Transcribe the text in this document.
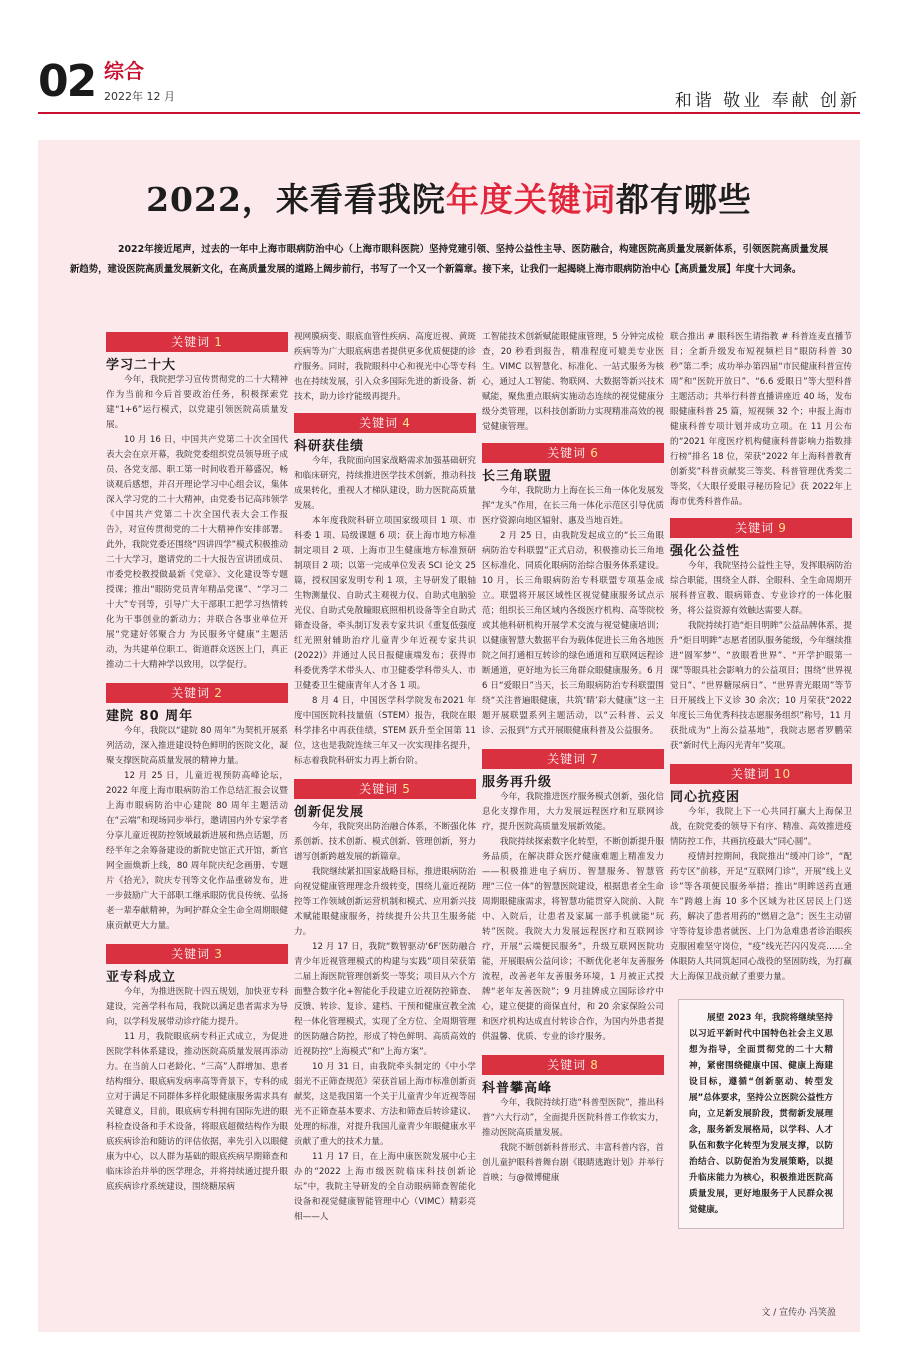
02 综合
2022年 12 月	和谐 敬业 奉献 创新
2022，来看看我院年度关键词都有哪些
2022年接近尾声，过去的一年中上海市眼病防治中心（上海市眼科医院）坚持党建引领、坚持公益性主导、医防融合，构建医院高质量发展新体系，引领医院高质量发展新趋势，建设医院高质量发展新文化，在高质量发展的道路上阔步前行，书写了一个又一个新篇章。接下来，让我们一起揭晓上海市眼病防治中心【高质量发展】年度十大词条。
关键词 1

学习二十大

今年，我院把学习宣传贯彻党的二十大精神作为当前和今后首要政治任务，积极探索党建“1+6”运行模式，以党建引领医院高质量发展。

10 月 16 日，中国共产党第二十次全国代表大会在京开幕，我院党委组织党员领导班子成员、各党支部、职工第一时间收看开幕盛况，畅谈观后感想，并召开理论学习中心组会议，集体深入学习党的二十大精神，由党委书记高玮领学《中国共产党第二十次全国代表大会工作报告》，对宣传贯彻党的二十大精神作安排部署。此外，我院党委还围绕“四讲四学”模式积极推动二十大学习，邀请党的二十大报告宣讲团成员、市委党校教授做最新《党章》、文化建设等专题授课；推出“眼防党员青年精品党课”、“学习二十大”专刊等，引导广大干部职工把学习热情转化为干事创业的新动力；并联合各事业单位开展“党建好邻聚合力 为民服务守健康”主题活动，为共建单位职工、街道群众送医上门，真正推动二十大精神学以致用，以学促行。

关键词 2

建院 80 周年

今年，我院以“建院 80 周年”为契机开展系列活动，深入推进建设特色鲜明的医院文化，凝聚支撑医院高质量发展的精神力量。

12 月 25 日，儿童近视预防高峰论坛，2022 年度上海市眼病防治工作总结汇报会议暨上海市眼病防治中心建院 80 周年主题活动在“云端”和现场同步举行，邀请国内外专家学者分享儿童近视防控领域最新进展和热点话题，历经半年之余筹备建设的新院史馆正式开馆，新官网全面焕新上线，80 周年院庆纪念画册、专题片《拾光》，院庆专刊等文化作品重磅发布，进一步鼓励广大干部职工继承眼防优良传统、弘扬老一辈奉献精神，为呵护群众全生命全周期眼健康贡献更大力量。

关键词 3

亚专科成立

今年，为推进医院十四五规划，加快亚专科建设，完善学科布局，我院以满足患者需求为导向，以学科发展带动诊疗能力提升。

11 月，我院眼底病专科正式成立，为促进医院学科体系建设，推动医院高质量发展再添动力。在当前人口老龄化、“三高”人群增加、患者结构细分、眼底病发病率高等背景下，专科的成立对于满足不同群体多样化眼健康服务需求具有关键意义，目前，眼底病专科拥有国际先进的眼科检查设备和手术设备，将眼底超微结构作为眼底疾病诊治和随访的评估依据，率先引入以眼健康为中心，以人群为基础的眼底疾病早期筛查和临床诊治并举的医学理念，并将持续通过提升眼底疾病诊疗系统建设，围绕糖尿病

视网膜病变、眼底血管性疾病、高度近视、黄斑疾病等为广大眼底病患者提供更多优质便捷的诊疗服务。同时，我院眼科中心和视光中心等专科也在持续发展，引入众多国际先进的新设备、新技术，助力诊疗能级再提升。

关键词 4

科研获佳绩

今年，我院面向国家战略需求加强基础研究和临床研究，持续推进医学技术创新，推动科技成果转化，重视人才梯队建设，助力医院高质量发展。

本年度我院科研立项国家级项目 1 项、市科委 1 项、局级课题 6 项；获上海市地方标准制定项目 2 项、上海市卫生健康地方标准预研制项目 2 项；以第一完成单位发表 SCI 论文 25 篇，授权国家发明专利 1 项，主导研发了眼轴生物测量仪、自助式主观视力仪、自助式电脑验光仪、自助式免散瞳眼底照相机设备等全自助式筛查设备，牵头制订发表专家共识《重复低强度红光照射辅助治疗儿童青少年近视专家共识(2022)》并通过人民日报健康端发布；获得市科委优秀学术带头人、市卫健委学科带头人、市卫健委卫生健康青年人才各 1 项。

8 月 4 日，中国医学科学院发布2021 年度中国医院科技量值（STEM）报告，我院在眼科学排名中再获佳绩，STEM 跃升至全国第 11 位，这也是我院连续三年又一次实现排名提升，标志着我院科研实力再上新台阶。

关键词 5

创新促发展

今年，我院突出防治融合体系，不断强化体系创新、技术创新、模式创新、管理创新，努力谱写创新跨越发展的新篇章。

我院继续紧扣国家战略目标，推进眼病防治向视觉健康管理理念升级转变，围绕儿童近视防控等工作领域创新运营机制和模式、应用新兴技术赋能眼健康服务，持续提升公共卫生服务能力。

12 月 17 日，我院“数智驱动‘6F’医防融合青少年近视管理模式的构建与实践”项目荣获第二届上海医院管理创新奖一等奖；项目从六个方面整合数字化+智能化手段建立近视防控筛查、反馈、转诊、复诊、建档、干预和健康宣教全流程一体化管理模式，实现了全方位、全周期管理的医防融合防控，形成了特色鲜明、高质高效的近视防控“上海模式”和“上海方案”。

10 月 31 日，由我院牵头制定的《中小学弱光不正筛查规范》荣获首届上海市标准创新贡献奖，这是我国第一个关于儿童青少年近视等屈光不正筛查基本要求、方法和筛查后转诊建议、处理的标准，对提升我国儿童青少年眼健康水平贡献了重大的技术力量。

11 月 17 日，在上海申康医院发展中心主办的“2022 上海市级医院临床科技创新论坛”中，我院主导研发的全自动眼病筛查智能化设备和视觉健康智能管理中心（VIMC）精彩亮相——人

工智能技术创新赋能眼健康管理，5 分钟完成检查，20 秒看到报告，精准程度可媲美专业医生。VIMC 以智慧化、标准化、一站式服务为核心，通过人工智能、物联网、大数据等新兴技术赋能，聚焦重点眼病实施动态连续的视觉健康分级分类管理，以科技创新助力实现精准高效的视觉健康管理。

关键词 6

长三角联盟

今年，我院助力上海在长三角一体化发展发挥“龙头”作用，在长三角一体化示范区引导优质医疗资源向地区辐射、惠及当地百姓。

2 月 25 日，由我院发起成立的“长三角眼病防治专科联盟”正式启动，积极推动长三角地区标准化、同质化眼病防治综合服务体系建设。10 月，长三角眼病防治专科联盟专项基金成立。联盟将开展区域性区视觉健康服务试点示范；组织长三角区域内各级医疗机构、高等院校或其他科研机构开展学术交流与视觉健康培训；以健康智慧大数据平台为载体促进长三角各地医院之间打通相互转诊的绿色通道和互联网远程诊断通道，更好地为长三角群众眼健康服务。6 月 6 日“爱眼日”当天，长三角眼病防治专科联盟围绕“关注普遍眼健康，共筑‘睛’彩大健康”这一主题开展联盟系列主题活动，以“云科普、云义诊、云报到”方式开展眼健康科普及公益服务。

关键词 7

服务再升级

今年，我院推进医疗服务模式创新，强化信息化支撑作用，大力发展远程医疗和互联网诊疗，提升医院高质量发展新效能。

我院持续探索数字化转型，不断创新提升服务品质，在解决群众医疗健康难题上精准发力——积极推进电子病历、智慧服务、智慧管理“三位一体”的智慧医院建设，根据患者全生命周期眼健康需求，将智慧功能贯穿入院前、入院中、入院后，让患者及家属一部手机就能“玩转”医院。我院大力发展远程医疗和互联网诊疗，开展“云端便民服务”，升级互联网医院功能，开展眼病公益问诊；不断优化老年友善服务流程，改善老年友善服务环境，1 月被正式授牌“老年友善医院”；9 月挂牌成立国际诊疗中心，建立便捷的商保直付，和 20 余家保险公司和医疗机构达成直付转诊合作，为国内外患者提供温馨、优质、专业的诊疗服务。

关键词 8

科普攀高峰

今年，我院持续打造“科普型医院”，推出科普“六大行动”，全面提升医院科普工作软实力，推动医院高质量发展。

我院不断创新科普形式、丰富科普内容，首创儿童护眼科普舞台剧《眼睛逃跑计划》并举行首映；与@微博健康

联合推出 # 眼科医生请指教 # 科普连麦直播节目；全新升级发布短视频栏目“眼防科普 30 秒”第二季；成功举办第四届“市民健康科普宣传周”和“医院开放日”、“6.6 爱眼日”等大型科普主题活动；共举行科普直播讲座近 40 场，发布眼健康科普 25 篇，短视频 32 个；申报上海市健康科普专项计划并成功立项。在 11 月公布的“2021 年度医疗机构健康科普影响力指数排行榜”排名 18 位，荣获“2022 年上海科普教育创新奖”科普贡献奖三等奖、科普管理优秀奖二等奖，《大眼仔爱眼寻秘历险记》获 2022年上海市优秀科普作品。

关键词 9

强化公益性

今年，我院坚持公益性主导，发挥眼病防治综合职能，围绕全人群、全眼科、全生命周期开展科普宣教、眼病筛查、专业诊疗的一体化服务，将公益资源有效触达需要人群。

我院持续打造“炬目明眸”公益品牌体系，提升“炬目明眸”志愿者团队服务能级，今年继续推进“圆军梦”、“放眼看世界”、“开学护眼第一课”等眼具社会影响力的公益项目；围绕“世界视觉日”、“世界糖尿病日”、“世界青光眼周”等节日开展线上下义诊 30 余次；10 月荣获“2022 年度长三角优秀科技志愿服务组织”称号，11 月获批成为“上海公益基地”，我院志愿者罗鹏荣获“新时代上海闪光青年”奖项。

关键词 10

同心抗疫困

今年，我院上下一心共同打赢大上海保卫战，在院党委的领导下有序、精准、高效推进疫情防控工作，共画抗疫最大“同心圆”。

疫情封控期间，我院推出“缓冲门诊”，“配药专区”前移，开足“互联网门诊”，开展“线上义诊”等各项便民服务举措；推出“明眸送药直通车”跨越上海 10 多个区域为社区居民上门送药，解决了患者用药的“燃眉之急”；医生主动留守等待复诊患者就医、上门为急难患者诊治眼疾克服困难坚守岗位，“疫”线光芒闪闪发亮……全体眼防人共同筑起同心战役的坚固防线，为打赢大上海保卫战贡献了重要力量。

展望 2023 年，我院将继续坚持以习近平新时代中国特色社会主义思想为指导，全面贯彻党的二十大精神，紧密围绕健康中国、健康上海建设目标，遵循“创新驱动、转型发展”总体要求，坚持公立医院公益性方向，立足新发展阶段，贯彻新发展理念，服务新发展格局，以学科、人才队伍和数字化转型为发展支撑，以防治结合、以防促治为发展策略，以提升临床能力为核心，积极推进医院高质量发展，更好地服务于人民群众视觉健康。
文 / 宣传办 冯笑盈
